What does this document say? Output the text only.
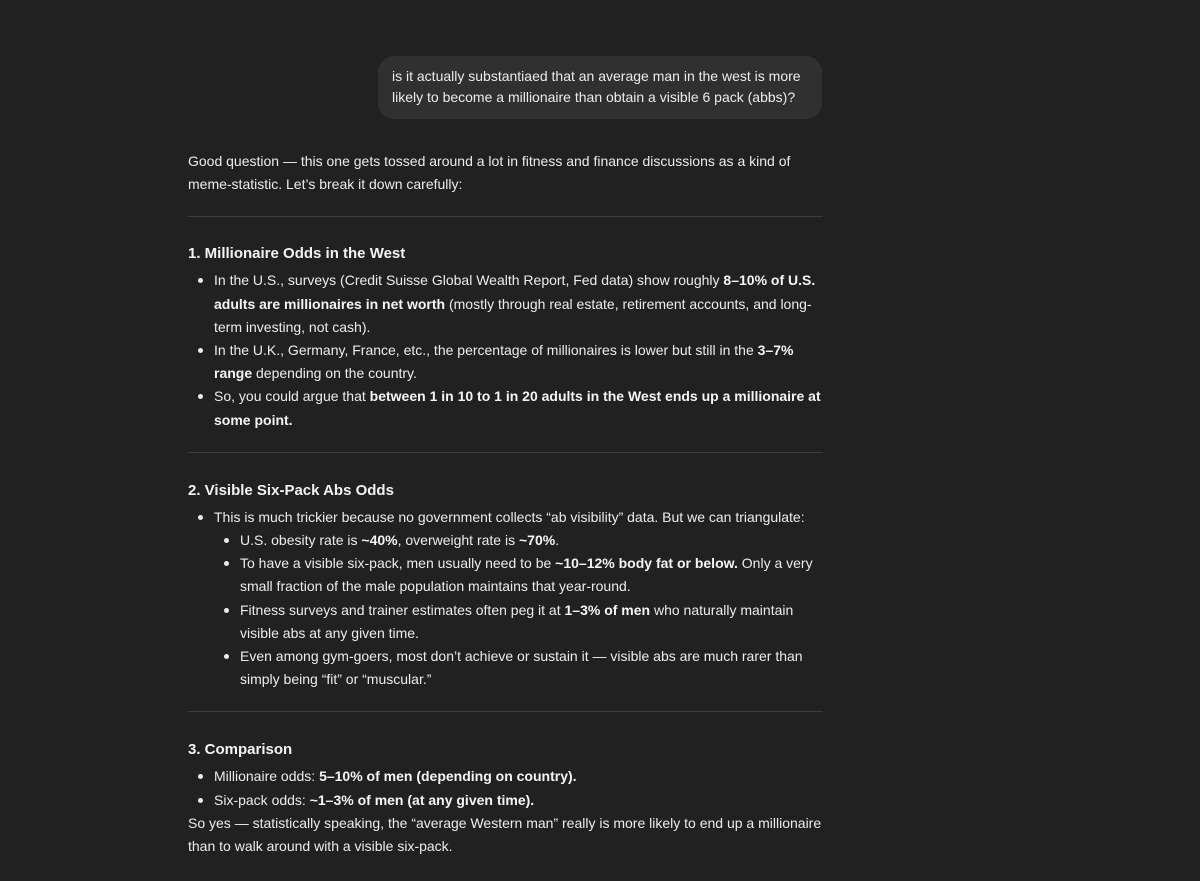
is it actually substantiaed that an average man in the west is more likely to become a millionaire than obtain a visible 6 pack (abbs)?

Good question — this one gets tossed around a lot in fitness and finance discussions as a kind of meme-statistic. Let’s break it down carefully:

1. Millionaire Odds in the West
In the U.S., surveys (Credit Suisse Global Wealth Report, Fed data) show roughly 8–10% of U.S. adults are millionaires in net worth (mostly through real estate, retirement accounts, and long-term investing, not cash).
In the U.K., Germany, France, etc., the percentage of millionaires is lower but still in the 3–7% range depending on the country.
So, you could argue that between 1 in 10 to 1 in 20 adults in the West ends up a millionaire at some point.
2. Visible Six-Pack Abs Odds
This is much trickier because no government collects “ab visibility” data. But we can triangulate:
U.S. obesity rate is ~40%, overweight rate is ~70%.
To have a visible six-pack, men usually need to be ~10–12% body fat or below. Only a very small fraction of the male population maintains that year-round.
Fitness surveys and trainer estimates often peg it at 1–3% of men who naturally maintain visible abs at any given time.
Even among gym-goers, most don’t achieve or sustain it — visible abs are much rarer than simply being “fit” or “muscular.”
3. Comparison
Millionaire odds: 5–10% of men (depending on country).
Six-pack odds: ~1–3% of men (at any given time).

So yes — statistically speaking, the “average Western man” really is more likely to end up a millionaire than to walk around with a visible six-pack.
